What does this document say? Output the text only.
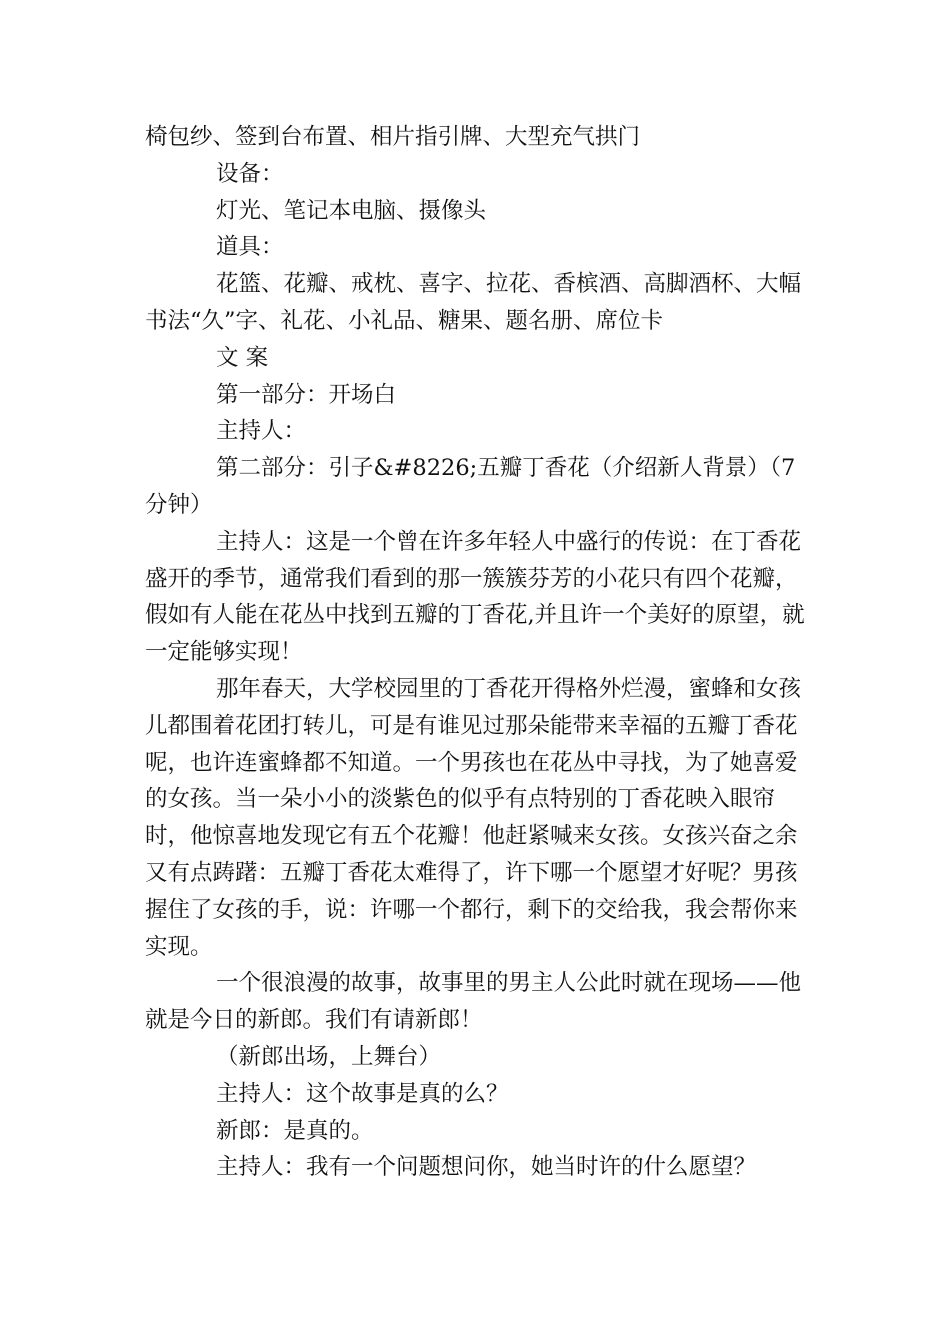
椅包纱、签到台布置、相片指引牌、大型充气拱门

设备：

灯光、笔记本电脑、摄像头

道具：

花篮、花瓣、戒枕、喜字、拉花、香槟酒、高脚酒杯、大幅书法“久”字、礼花、小礼品、糖果、题名册、席位卡

文 案

第一部分：开场白

主持人：

第二部分：引子&#8226;五瓣丁香花（介绍新人背景）（7分钟）

主持人：这是一个曾在许多年轻人中盛行的传说：在丁香花盛开的季节，通常我们看到的那一簇簇芬芳的小花只有四个花瓣，假如有人能在花丛中找到五瓣的丁香花,并且许一个美好的原望，就一定能够实现！

那年春天，大学校园里的丁香花开得格外烂漫，蜜蜂和女孩儿都围着花团打转儿，可是有谁见过那朵能带来幸福的五瓣丁香花呢，也许连蜜蜂都不知道。一个男孩也在花丛中寻找，为了她喜爱的女孩。当一朵小小的淡紫色的似乎有点特别的丁香花映入眼帘时，他惊喜地发现它有五个花瓣！他赶紧喊来女孩。女孩兴奋之余又有点踌躇：五瓣丁香花太难得了，许下哪一个愿望才好呢？男孩握住了女孩的手，说：许哪一个都行，剩下的交给我，我会帮你来实现。

一个很浪漫的故事，故事里的男主人公此时就在现场——他就是今日的新郎。我们有请新郎！

（新郎出场，上舞台）

主持人：这个故事是真的么？

新郎：是真的。

主持人：我有一个问题想问你，她当时许的什么愿望？
